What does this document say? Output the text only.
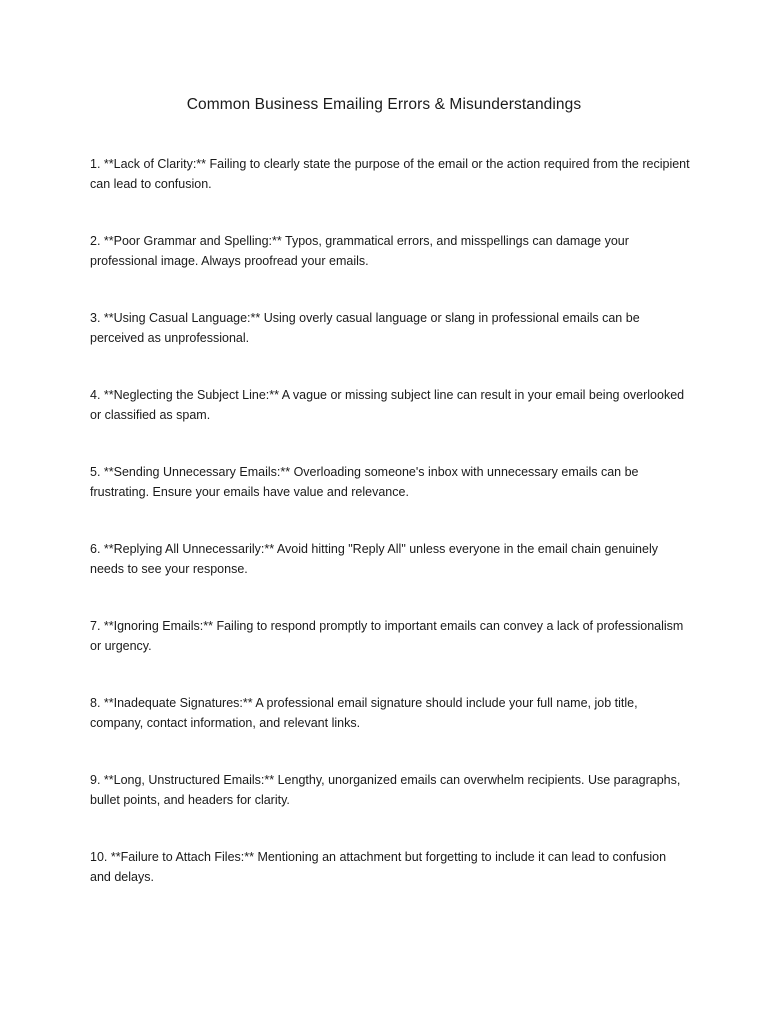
Common Business Emailing Errors & Misunderstandings
1. **Lack of Clarity:** Failing to clearly state the purpose of the email or the action required from the recipient can lead to confusion.
2. **Poor Grammar and Spelling:** Typos, grammatical errors, and misspellings can damage your professional image. Always proofread your emails.
3. **Using Casual Language:** Using overly casual language or slang in professional emails can be perceived as unprofessional.
4. **Neglecting the Subject Line:** A vague or missing subject line can result in your email being overlooked or classified as spam.
5. **Sending Unnecessary Emails:** Overloading someone's inbox with unnecessary emails can be frustrating. Ensure your emails have value and relevance.
6. **Replying All Unnecessarily:** Avoid hitting "Reply All" unless everyone in the email chain genuinely needs to see your response.
7. **Ignoring Emails:** Failing to respond promptly to important emails can convey a lack of professionalism or urgency.
8. **Inadequate Signatures:** A professional email signature should include your full name, job title, company, contact information, and relevant links.
9. **Long, Unstructured Emails:** Lengthy, unorganized emails can overwhelm recipients. Use paragraphs, bullet points, and headers for clarity.
10. **Failure to Attach Files:** Mentioning an attachment but forgetting to include it can lead to confusion and delays.
